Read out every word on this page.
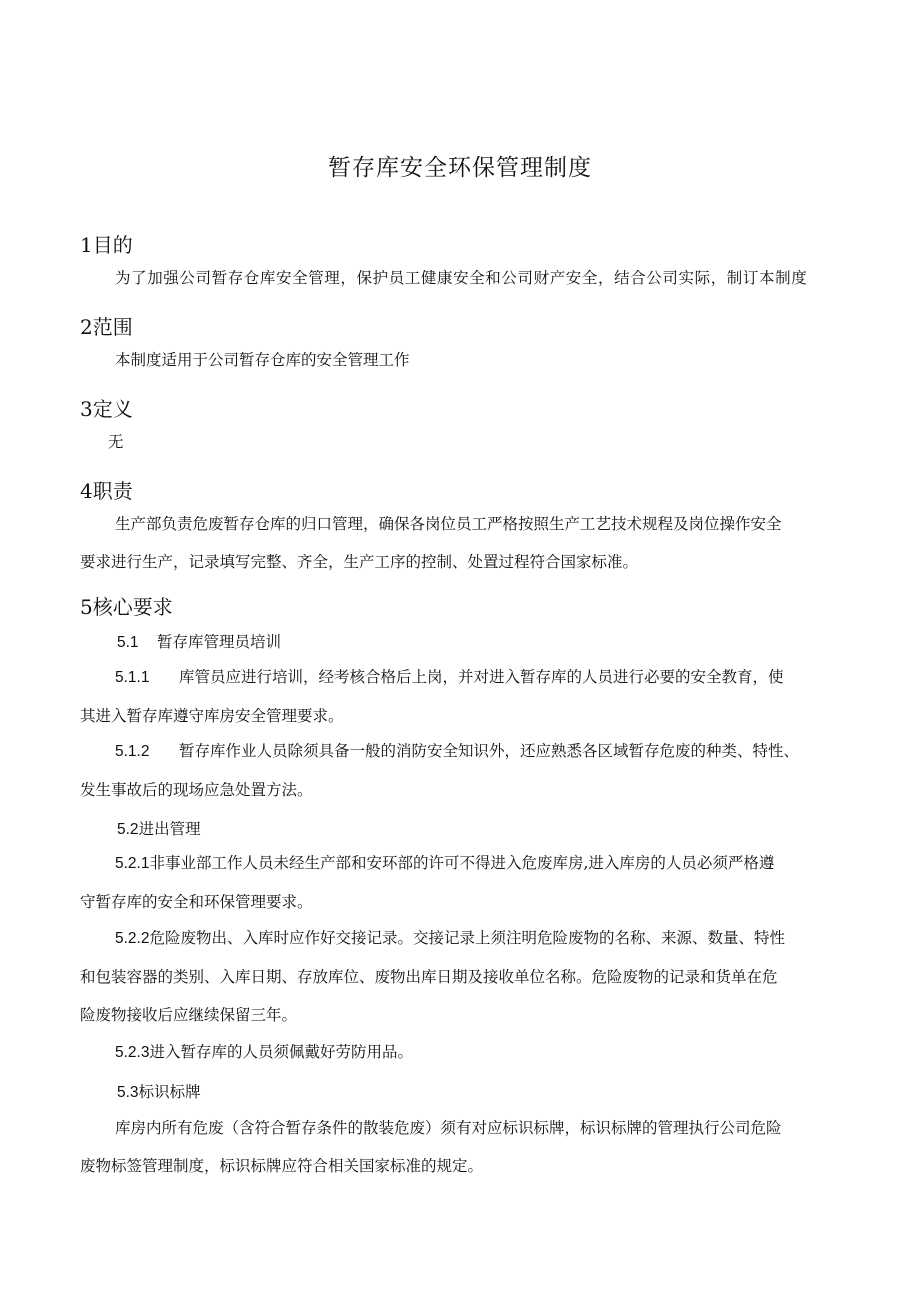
暂存库安全环保管理制度
1目的

为了加强公司暂存仓库安全管理，保护员工健康安全和公司财产安全，结合公司实际，制订本制度

2范围

本制度适用于公司暂存仓库的安全管理工作

3定义

无

4职责

生产部负责危废暂存仓库的归口管理，确保各岗位员工严格按照生产工艺技术规程及岗位操作安全
要求进行生产，记录填写完整、齐全，生产工序的控制、处置过程符合国家标准。

5核心要求

5.1 暂存库管理员培训

5.1.1 库管员应进行培训，经考核合格后上岗，并对进入暂存库的人员进行必要的安全教育，使
其进入暂存库遵守库房安全管理要求。

5.1.2 暂存库作业人员除须具备一般的消防安全知识外，还应熟悉各区域暂存危废的种类、特性、
发生事故后的现场应急处置方法。

5.2进出管理

5.2.1非事业部工作人员未经生产部和安环部的许可不得进入危废库房,进入库房的人员必须严格遵
守暂存库的安全和环保管理要求。

5.2.2危险废物出、入库时应作好交接记录。交接记录上须注明危险废物的名称、来源、数量、特性
和包装容器的类别、入库日期、存放库位、废物出库日期及接收单位名称。危险废物的记录和货单在危
险废物接收后应继续保留三年。

5.2.3进入暂存库的人员须佩戴好劳防用品。

5.3标识标牌

库房内所有危废（含符合暂存条件的散装危废）须有对应标识标牌，标识标牌的管理执行公司危险
废物标签管理制度，标识标牌应符合相关国家标准的规定。
